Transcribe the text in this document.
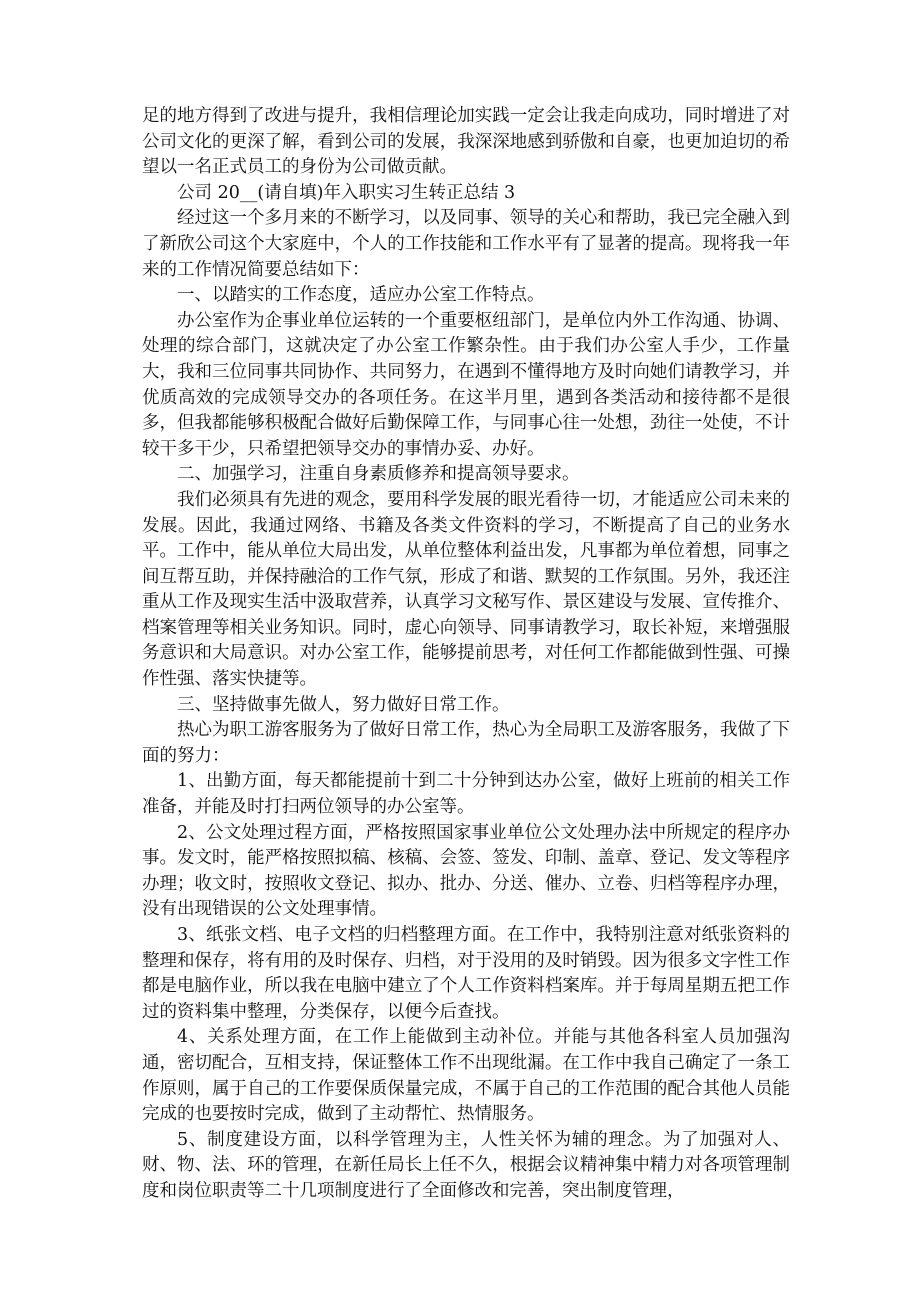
足的地方得到了改进与提升，我相信理论加实践一定会让我走向成功，同时增进了对公司文化的更深了解，看到公司的发展，我深深地感到骄傲和自豪，也更加迫切的希望以一名正式员工的身份为公司做贡献。

公司 20__(请自填)年入职实习生转正总结 3

经过这一个多月来的不断学习，以及同事、领导的关心和帮助，我已完全融入到了新欣公司这个大家庭中，个人的工作技能和工作水平有了显著的提高。现将我一年来的工作情况简要总结如下：

一、以踏实的工作态度，适应办公室工作特点。

办公室作为企事业单位运转的一个重要枢纽部门，是单位内外工作沟通、协调、处理的综合部门，这就决定了办公室工作繁杂性。由于我们办公室人手少，工作量大，我和三位同事共同协作、共同努力，在遇到不懂得地方及时向她们请教学习，并优质高效的完成领导交办的各项任务。在这半月里，遇到各类活动和接待都不是很多，但我都能够积极配合做好后勤保障工作，与同事心往一处想，劲往一处使，不计较干多干少，只希望把领导交办的事情办妥、办好。

二、加强学习，注重自身素质修养和提高领导要求。

我们必须具有先进的观念，要用科学发展的眼光看待一切，才能适应公司未来的发展。因此，我通过网络、书籍及各类文件资料的学习，不断提高了自己的业务水平。工作中，能从单位大局出发，从单位整体利益出发，凡事都为单位着想，同事之间互帮互助，并保持融洽的工作气氛，形成了和谐、默契的工作氛围。另外，我还注重从工作及现实生活中汲取营养，认真学习文秘写作、景区建设与发展、宣传推介、档案管理等相关业务知识。同时，虚心向领导、同事请教学习，取长补短，来增强服务意识和大局意识。对办公室工作，能够提前思考，对任何工作都能做到性强、可操作性强、落实快捷等。

三、坚持做事先做人，努力做好日常工作。

热心为职工游客服务为了做好日常工作，热心为全局职工及游客服务，我做了下面的努力：

1、出勤方面，每天都能提前十到二十分钟到达办公室，做好上班前的相关工作准备，并能及时打扫两位领导的办公室等。

2、公文处理过程方面，严格按照国家事业单位公文处理办法中所规定的程序办事。发文时，能严格按照拟稿、核稿、会签、签发、印制、盖章、登记、发文等程序办理；收文时，按照收文登记、拟办、批办、分送、催办、立卷、归档等程序办理，没有出现错误的公文处理事情。

3、纸张文档、电子文档的归档整理方面。在工作中，我特别注意对纸张资料的整理和保存，将有用的及时保存、归档，对于没用的及时销毁。因为很多文字性工作都是电脑作业，所以我在电脑中建立了个人工作资料档案库。并于每周星期五把工作过的资料集中整理，分类保存，以便今后查找。

4、关系处理方面，在工作上能做到主动补位。并能与其他各科室人员加强沟通，密切配合，互相支持，保证整体工作不出现纰漏。在工作中我自己确定了一条工作原则，属于自己的工作要保质保量完成，不属于自己的工作范围的配合其他人员能完成的也要按时完成，做到了主动帮忙、热情服务。

5、制度建设方面，以科学管理为主，人性关怀为辅的理念。为了加强对人、财、物、法、环的管理，在新任局长上任不久，根据会议精神集中精力对各项管理制度和岗位职责等二十几项制度进行了全面修改和完善，突出制度管理，
